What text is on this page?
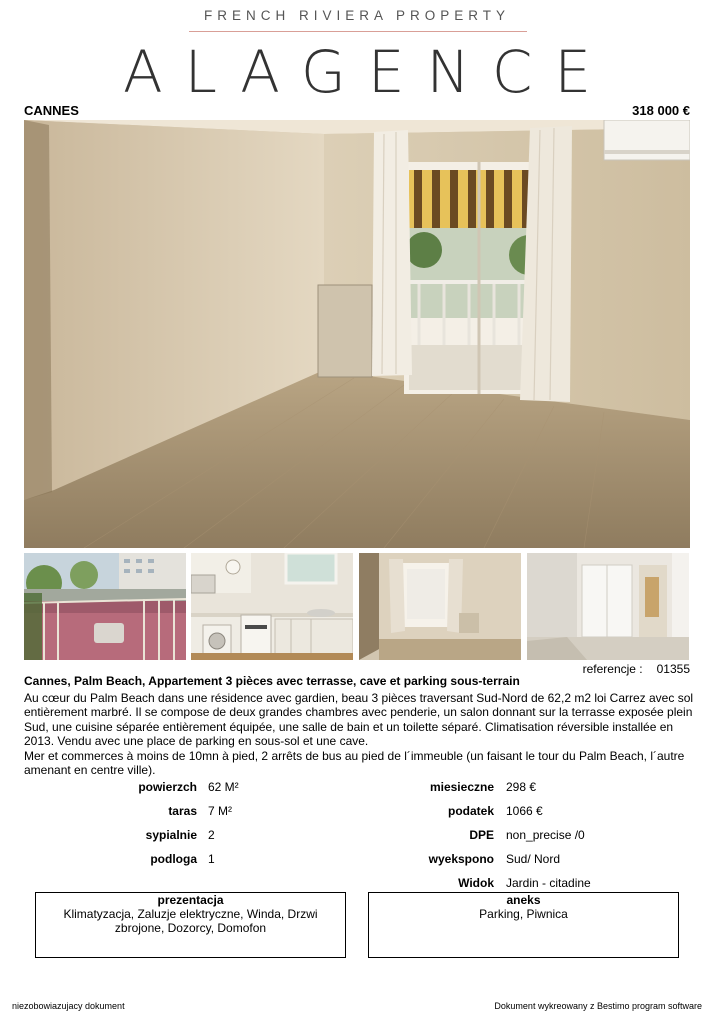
FRENCH RIVIERA PROPERTY
ALAGENCE
CANNES	318 000 €
referencje : 01355
Cannes, Palm Beach, Appartement 3 pièces avec terrasse, cave et parking sous-terrain

Au cœur du Palm Beach dans une résidence avec gardien, beau 3 pièces traversant Sud-Nord de 62,2 m2 loi Carrez avec sol entièrement marbré. Il se compose de deux grandes chambres avec penderie, un salon donnant sur la terrasse exposée plein Sud, une cuisine séparée entièrement équipée, une salle de bain et un toilette séparé. Climatisation réversible installée en 2013. Vendu avec une place de parking en sous-sol et une cave.

Mer et commerces à moins de 10mn à pied, 2 arrêts de bus au pied de l´immeuble (un faisant le tour du Palm Beach, l´autre amenant en centre ville).

powierzch 62 M²
taras 7 M²
sypialnie 2
podloga 1
miesieczne 298 €
podatek 1066 €
DPE non_precise /0
wyekspono Sud/ Nord
Widok Jardin - citadine
prezentacja
Klimatyzacja, Zaluzje elektryczne, Winda, Drzwi zbrojone, Dozorcy, Domofon
aneks
Parking, Piwnica
niezobowiazujacy dokument	Dokument wykreowany z Bestimo program software
